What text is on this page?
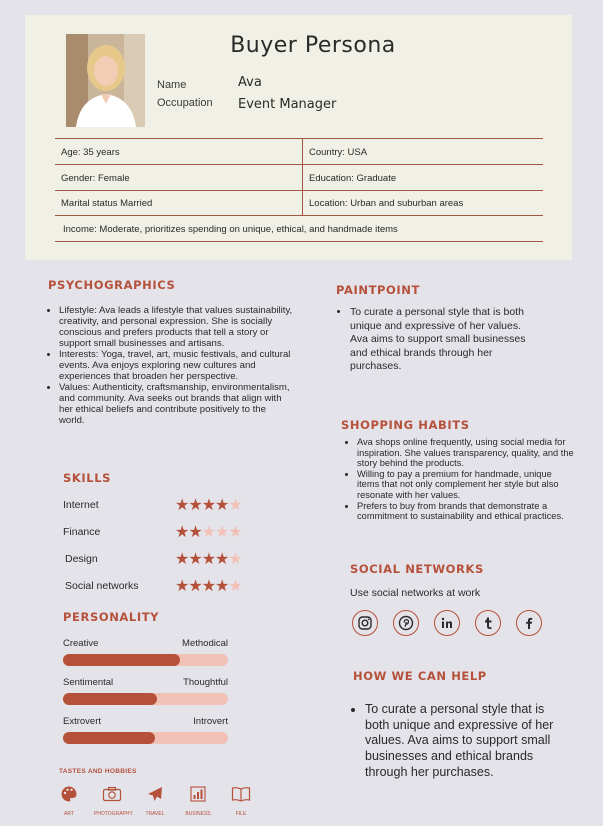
Buyer Persona
Name	Ava
Occupation Event Manager
Age: 35 years	Country: USA
Gender: Female	Education: Graduate
Marital status Married	Location: Urban and suburban areas
Income: Moderate, prioritizes spending on unique, ethical, and handmade items
PSYCHOGRAPHICS
• Lifestyle: Ava leads a lifestyle that values sustainability, creativity, and personal expression. She is socially conscious and prefers products that tell a story or support small businesses and artisans.
• Interests: Yoga, travel, art, music festivals, and cultural events. Ava enjoys exploring new cultures and experiences that broaden her perspective.
• Values: Authenticity, craftsmanship, environmentalism, and community. Ava seeks out brands that align with her ethical beliefs and contribute positively to the world.
PAINTPOINT
• To curate a personal style that is both unique and expressive of her values. Ava aims to support small businesses and ethical brands through her purchases.
SHOPPING HABITS
• Ava shops online frequently, using social media for inspiration. She values transparency, quality, and the story behind the products.
• Willing to pay a premium for handmade, unique items that not only complement her style but also resonate with her values.
• Prefers to buy from brands that demonstrate a commitment to sustainability and ethical practices.
SKILLS
Internet	★★★★★
Finance	★★★★★
Design	★★★★★
Social networks ★★★★★
PERSONALITY
Creative	Methodical
Sentimental	Thoughtful
Extrovert	Introvert
TASTES AND HOBBIES
ART	PHOTOGRAPHY	TRAVEL	BUSINESS	FILE
SOCIAL NETWORKS
Use social networks at work
HOW WE CAN HELP
• To curate a personal style that is both unique and expressive of her values. Ava aims to support small businesses and ethical brands through her purchases.
